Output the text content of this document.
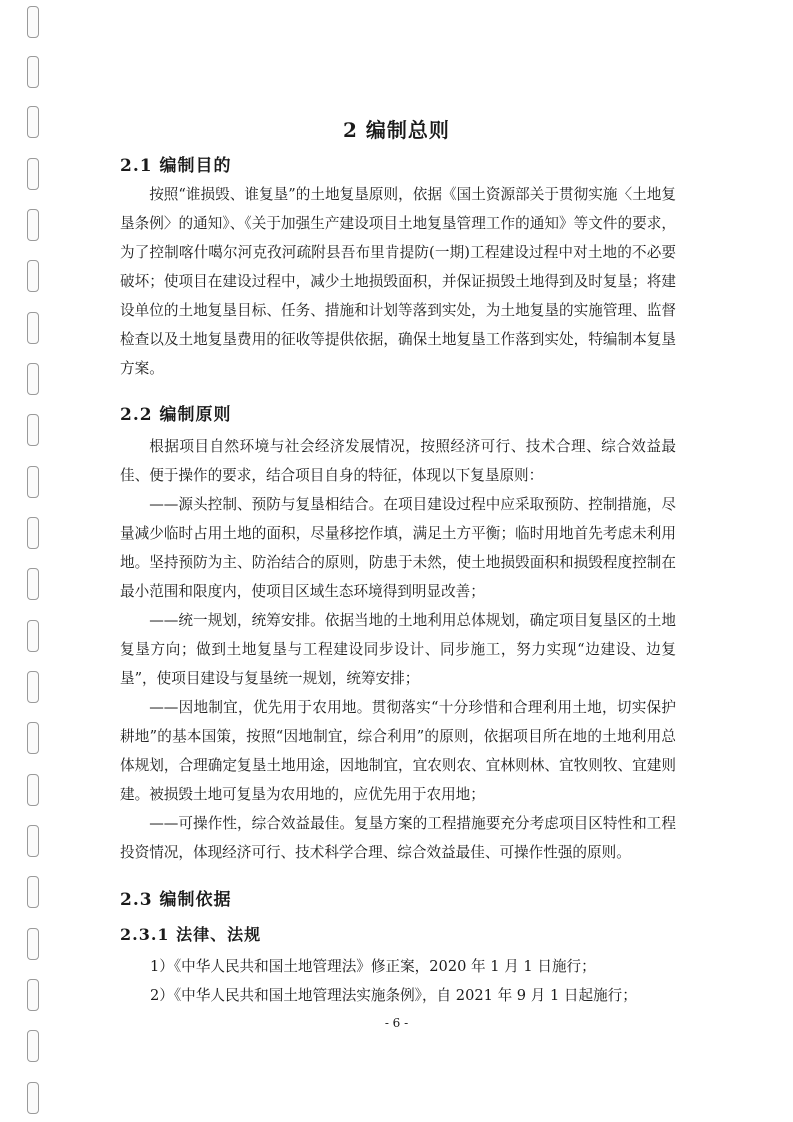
2 编制总则
2.1 编制目的

按照“谁损毁、谁复垦”的土地复垦原则，依据《国土资源部关于贯彻实施〈土地复垦条例〉的通知》、《关于加强生产建设项目土地复垦管理工作的通知》等文件的要求，为了控制喀什噶尔河克孜河疏附县吾布里肯提防(一期)工程建设过程中对土地的不必要破坏；使项目在建设过程中，减少土地损毁面积，并保证损毁土地得到及时复垦；将建设单位的土地复垦目标、任务、措施和计划等落到实处，为土地复垦的实施管理、监督检查以及土地复垦费用的征收等提供依据，确保土地复垦工作落到实处，特编制本复垦方案。

2.2 编制原则

根据项目自然环境与社会经济发展情况，按照经济可行、技术合理、综合效益最佳、便于操作的要求，结合项目自身的特征，体现以下复垦原则：

——源头控制、预防与复垦相结合。在项目建设过程中应采取预防、控制措施，尽量减少临时占用土地的面积，尽量移挖作填，满足土方平衡；临时用地首先考虑未利用地。坚持预防为主、防治结合的原则，防患于未然，使土地损毁面积和损毁程度控制在最小范围和限度内，使项目区域生态环境得到明显改善；

——统一规划，统筹安排。依据当地的土地利用总体规划，确定项目复垦区的土地复垦方向；做到土地复垦与工程建设同步设计、同步施工，努力实现“边建设、边复垦”，使项目建设与复垦统一规划，统筹安排；

——因地制宜，优先用于农用地。贯彻落实“十分珍惜和合理利用土地，切实保护耕地”的基本国策，按照“因地制宜，综合利用”的原则，依据项目所在地的土地利用总体规划，合理确定复垦土地用途，因地制宜，宜农则农、宜林则林、宜牧则牧、宜建则建。被损毁土地可复垦为农用地的，应优先用于农用地；

——可操作性，综合效益最佳。复垦方案的工程措施要充分考虑项目区特性和工程投资情况，体现经济可行、技术科学合理、综合效益最佳、可操作性强的原则。

2.3 编制依据
2.3.1 法律、法规
1）《中华人民共和国土地管理法》修正案，2020 年 1 月 1 日施行；
2）《中华人民共和国土地管理法实施条例》，自 2021 年 9 月 1 日起施行；
- 6 -
